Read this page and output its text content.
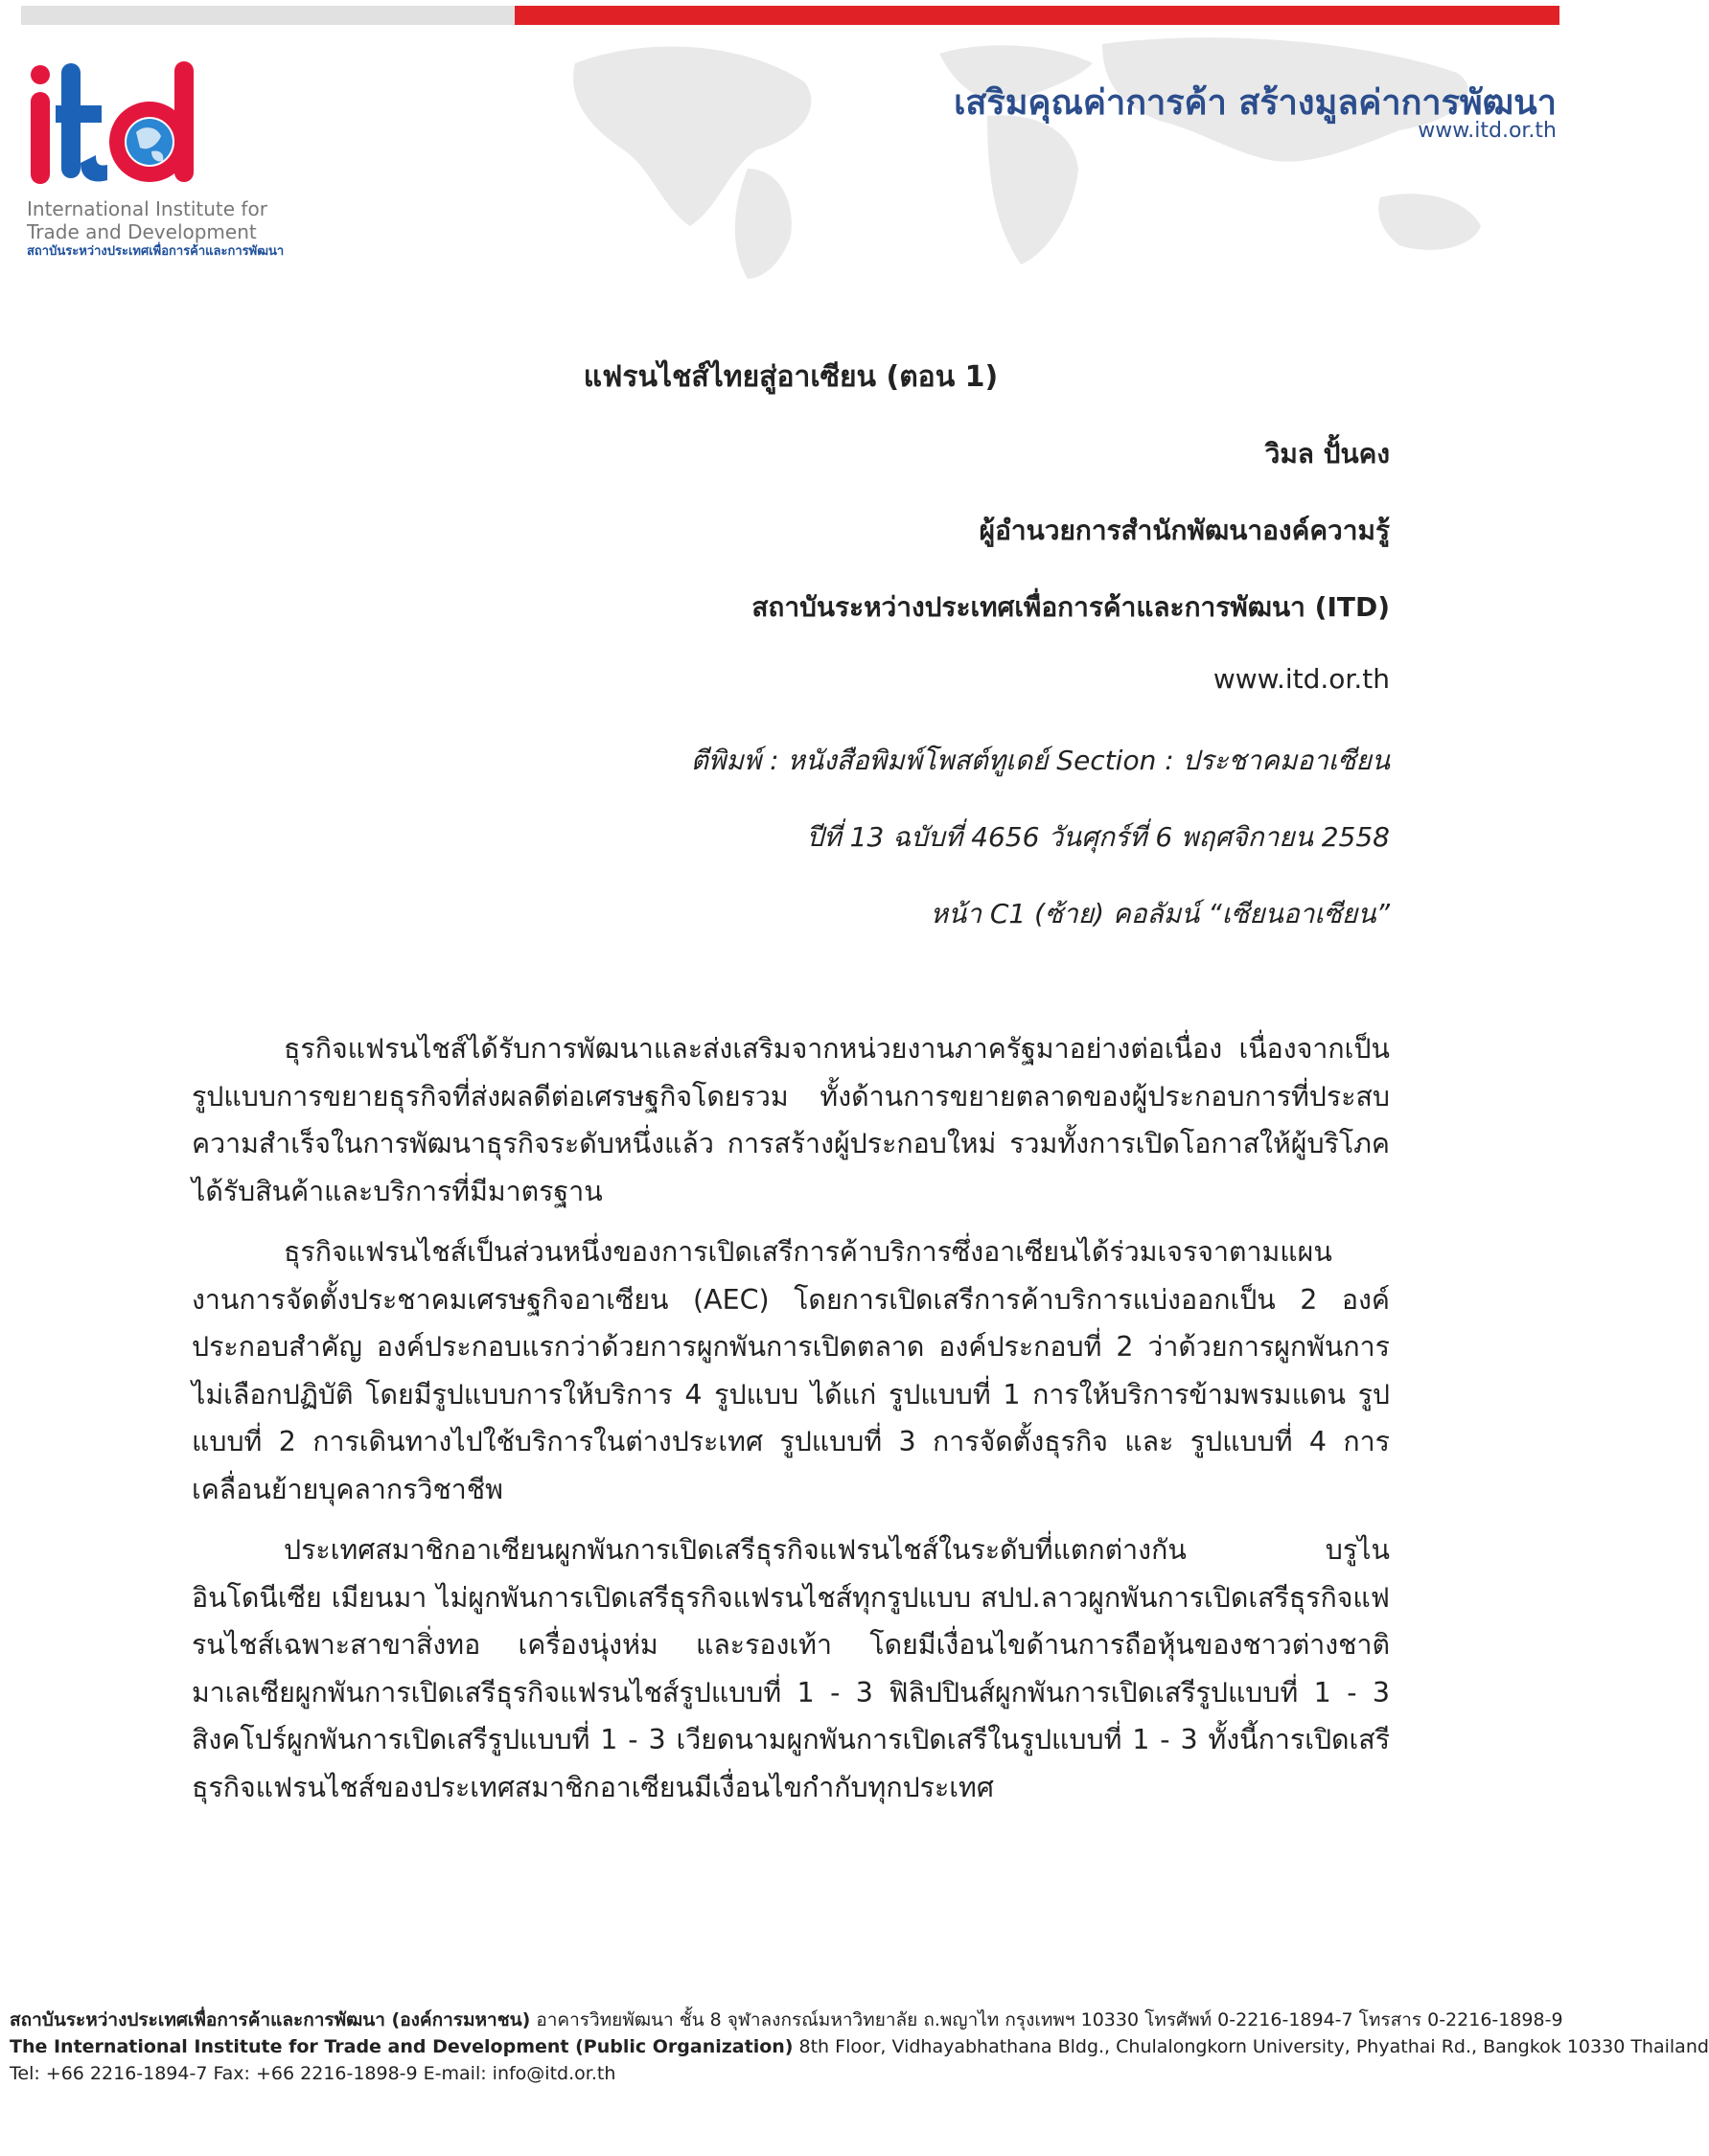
International Institute for
Trade and Development
สถาบันระหว่างประเทศเพื่อการค้าและการพัฒนา
เสริมคุณค่าการค้า สร้างมูลค่าการพัฒนา
www.itd.or.th
แฟรนไชส์ไทยสู่อาเซียน (ตอน 1)
วิมล ปั้นคง
ผู้อำนวยการสำนักพัฒนาองค์ความรู้
สถาบันระหว่างประเทศเพื่อการค้าและการพัฒนา (ITD)
www.itd.or.th
ตีพิมพ์ : หนังสือพิมพ์โพสต์ทูเดย์ Section : ประชาคมอาเซียน
ปีที่ 13 ฉบับที่ 4656 วันศุกร์ที่ 6 พฤศจิกายน 2558
หน้า C1 (ซ้าย) คอลัมน์ “เซียนอาเซียน”

ธุรกิจแฟรนไชส์ได้รับการพัฒนาและส่งเสริมจากหน่วยงานภาครัฐมาอย่างต่อเนื่อง เนื่องจากเป็นรูปแบบการขยายธุรกิจที่ส่งผลดีต่อเศรษฐกิจโดยรวม ทั้งด้านการขยายตลาดของผู้ประกอบการที่ประสบความสำเร็จในการพัฒนาธุรกิจระดับหนึ่งแล้ว การสร้างผู้ประกอบใหม่ รวมทั้งการเปิดโอกาสให้ผู้บริโภคได้รับสินค้าและบริการที่มีมาตรฐาน

ธุรกิจแฟรนไชส์เป็นส่วนหนึ่งของการเปิดเสรีการค้าบริการซึ่งอาเซียนได้ร่วมเจรจาตามแผนงานการจัดตั้งประชาคมเศรษฐกิจอาเซียน (AEC) โดยการเปิดเสรีการค้าบริการแบ่งออกเป็น 2 องค์ประกอบสำคัญ องค์ประกอบแรกว่าด้วยการผูกพันการเปิดตลาด องค์ประกอบที่ 2 ว่าด้วยการผูกพันการไม่เลือกปฏิบัติ โดยมีรูปแบบการให้บริการ 4 รูปแบบ ได้แก่ รูปแบบที่ 1 การให้บริการข้ามพรมแดน รูปแบบที่ 2 การเดินทางไปใช้บริการในต่างประเทศ รูปแบบที่ 3 การจัดตั้งธุรกิจ และ รูปแบบที่ 4 การเคลื่อนย้ายบุคลากรวิชาชีพ

ประเทศสมาชิกอาเซียนผูกพันการเปิดเสรีธุรกิจแฟรนไชส์ในระดับที่แตกต่างกัน บรูไน อินโดนีเซีย เมียนมา ไม่ผูกพันการเปิดเสรีธุรกิจแฟรนไชส์ทุกรูปแบบ สปป.ลาวผูกพันการเปิดเสรีธุรกิจแฟรนไชส์เฉพาะสาขาสิ่งทอ เครื่องนุ่งห่ม และรองเท้า โดยมีเงื่อนไขด้านการถือหุ้นของชาวต่างชาติ มาเลเซียผูกพันการเปิดเสรีธุรกิจแฟรนไชส์รูปแบบที่ 1 - 3 ฟิลิปปินส์ผูกพันการเปิดเสรีรูปแบบที่ 1 - 3 สิงคโปร์ผูกพันการเปิดเสรีรูปแบบที่ 1 - 3 เวียดนามผูกพันการเปิดเสรีในรูปแบบที่ 1 - 3 ทั้งนี้การเปิดเสรีธุรกิจแฟรนไชส์ของประเทศสมาชิกอาเซียนมีเงื่อนไขกำกับทุกประเทศ

สถาบันระหว่างประเทศเพื่อการค้าและการพัฒนา (องค์การมหาชน) อาคารวิทยพัฒนา ชั้น 8 จุฬาลงกรณ์มหาวิทยาลัย ถ.พญาไท กรุงเทพฯ 10330 โทรศัพท์ 0-2216-1894-7 โทรสาร 0-2216-1898-9
The International Institute for Trade and Development (Public Organization) 8th Floor, Vidhayabhathana Bldg., Chulalongkorn University, Phyathai Rd., Bangkok 10330 Thailand
Tel: +66 2216-1894-7 Fax: +66 2216-1898-9 E-mail: info@itd.or.th
